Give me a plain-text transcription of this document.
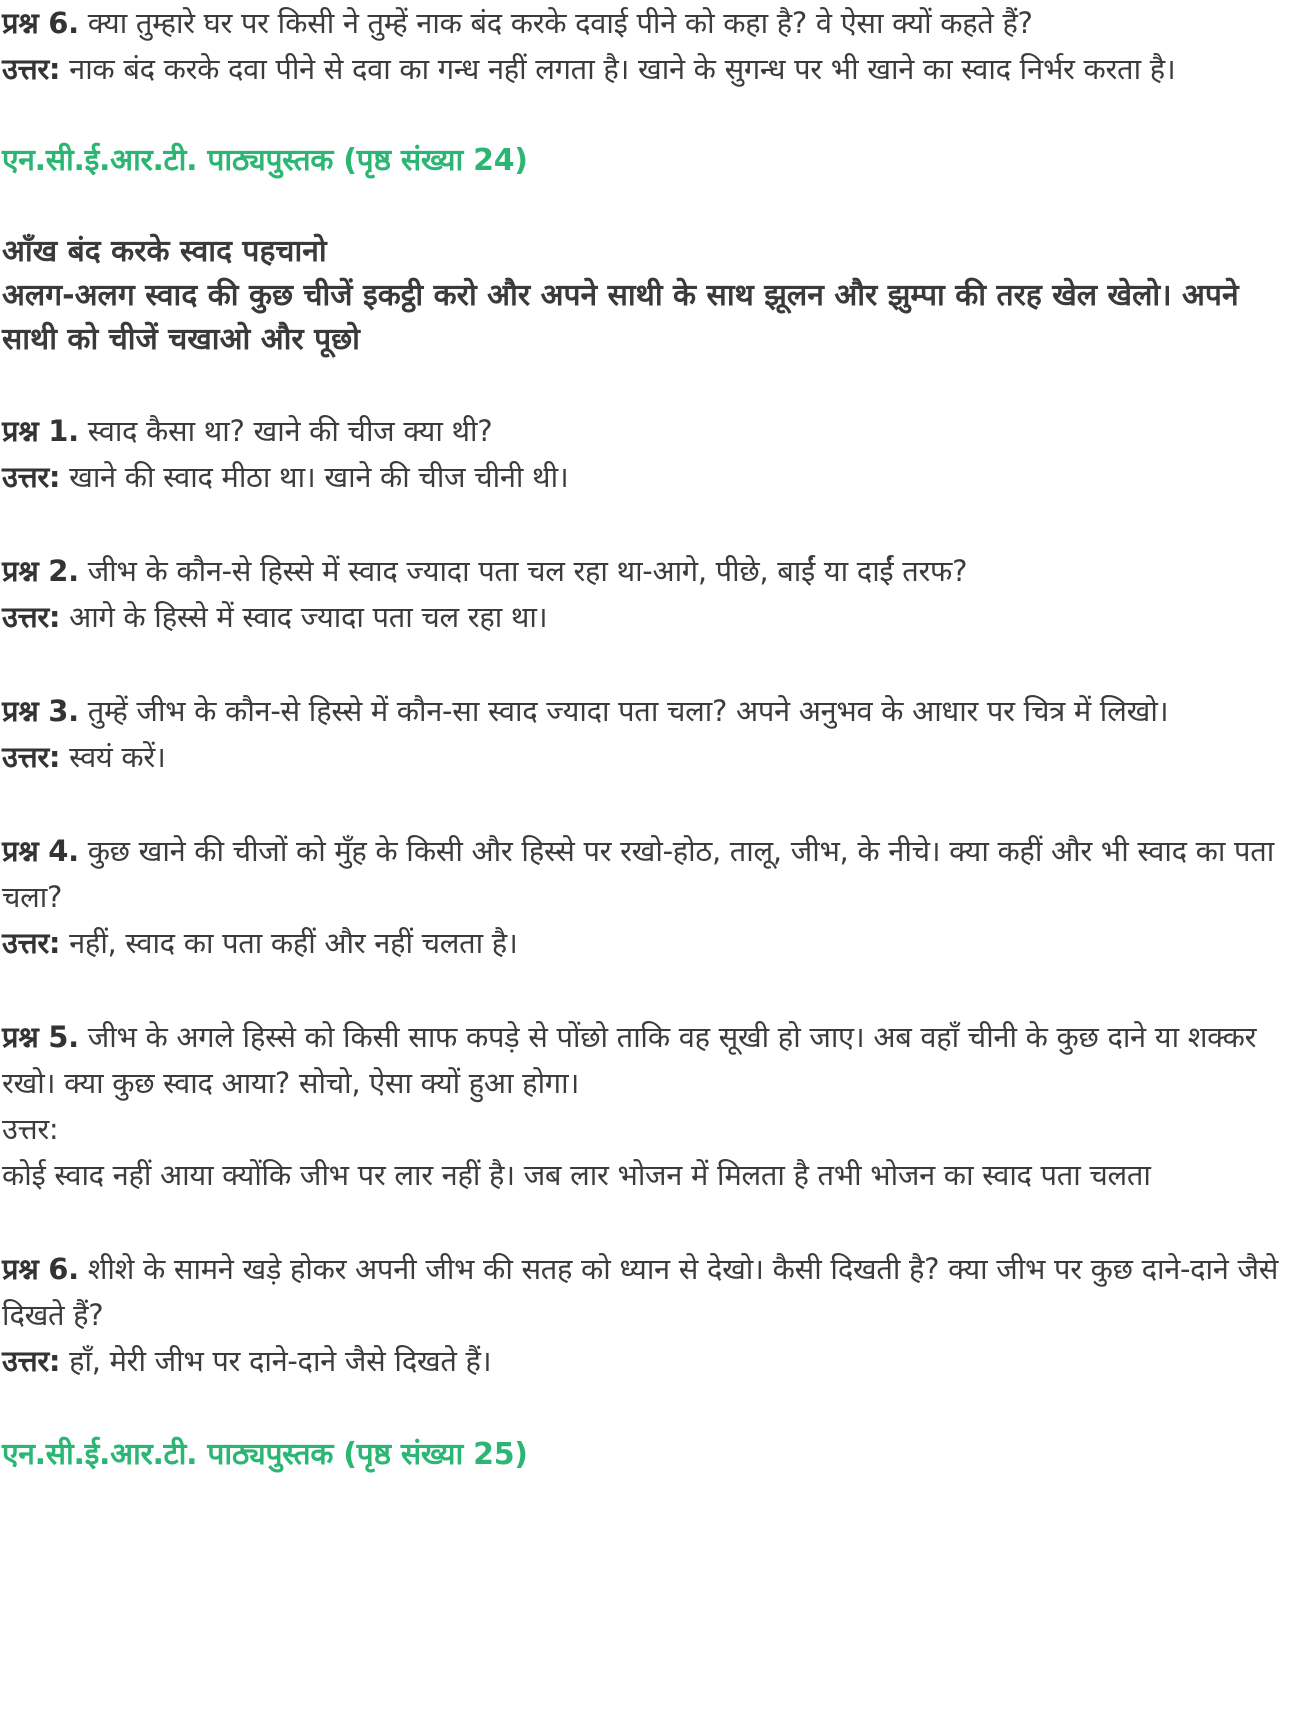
प्रश्न 6. क्या तुम्हारे घर पर किसी ने तुम्हें नाक बंद करके दवाई पीने को कहा है? वे ऐसा क्यों कहते हैं?

उत्तर: नाक बंद करके दवा पीने से दवा का गन्ध नहीं लगता है। खाने के सुगन्ध पर भी खाने का स्वाद निर्भर करता है।

एन.सी.ई.आर.टी. पाठ्यपुस्तक (पृष्ठ संख्या 24)

आँख बंद करके स्वाद पहचानो

अलग-अलग स्वाद की कुछ चीजें इकट्ठी करो और अपने साथी के साथ झूलन और झुम्पा की तरह खेल खेलो। अपने साथी को चीजें चखाओ और पूछो

प्रश्न 1. स्वाद कैसा था? खाने की चीज क्या थी?

उत्तर: खाने की स्वाद मीठा था। खाने की चीज चीनी थी।

प्रश्न 2. जीभ के कौन-से हिस्से में स्वाद ज्यादा पता चल रहा था-आगे, पीछे, बाईं या दाईं तरफ?

उत्तर: आगे के हिस्से में स्वाद ज्यादा पता चल रहा था।

प्रश्न 3. तुम्हें जीभ के कौन-से हिस्से में कौन-सा स्वाद ज्यादा पता चला? अपने अनुभव के आधार पर चित्र में लिखो।

उत्तर: स्वयं करें।

प्रश्न 4. कुछ खाने की चीजों को मुँह के किसी और हिस्से पर रखो-होठ, तालू, जीभ, के नीचे। क्या कहीं और भी स्वाद का पता चला?

उत्तर: नहीं, स्वाद का पता कहीं और नहीं चलता है।

प्रश्न 5. जीभ के अगले हिस्से को किसी साफ कपड़े से पोंछो ताकि वह सूखी हो जाए। अब वहाँ चीनी के कुछ दाने या शक्कर रखो। क्या कुछ स्वाद आया? सोचो, ऐसा क्यों हुआ होगा।

उत्तर:

कोई स्वाद नहीं आया क्योंकि जीभ पर लार नहीं है। जब लार भोजन में मिलता है तभी भोजन का स्वाद पता चलता

प्रश्न 6. शीशे के सामने खड़े होकर अपनी जीभ की सतह को ध्यान से देखो। कैसी दिखती है? क्या जीभ पर कुछ दाने-दाने जैसे दिखते हैं?

उत्तर: हाँ, मेरी जीभ पर दाने-दाने जैसे दिखते हैं।

एन.सी.ई.आर.टी. पाठ्यपुस्तक (पृष्ठ संख्या 25)
